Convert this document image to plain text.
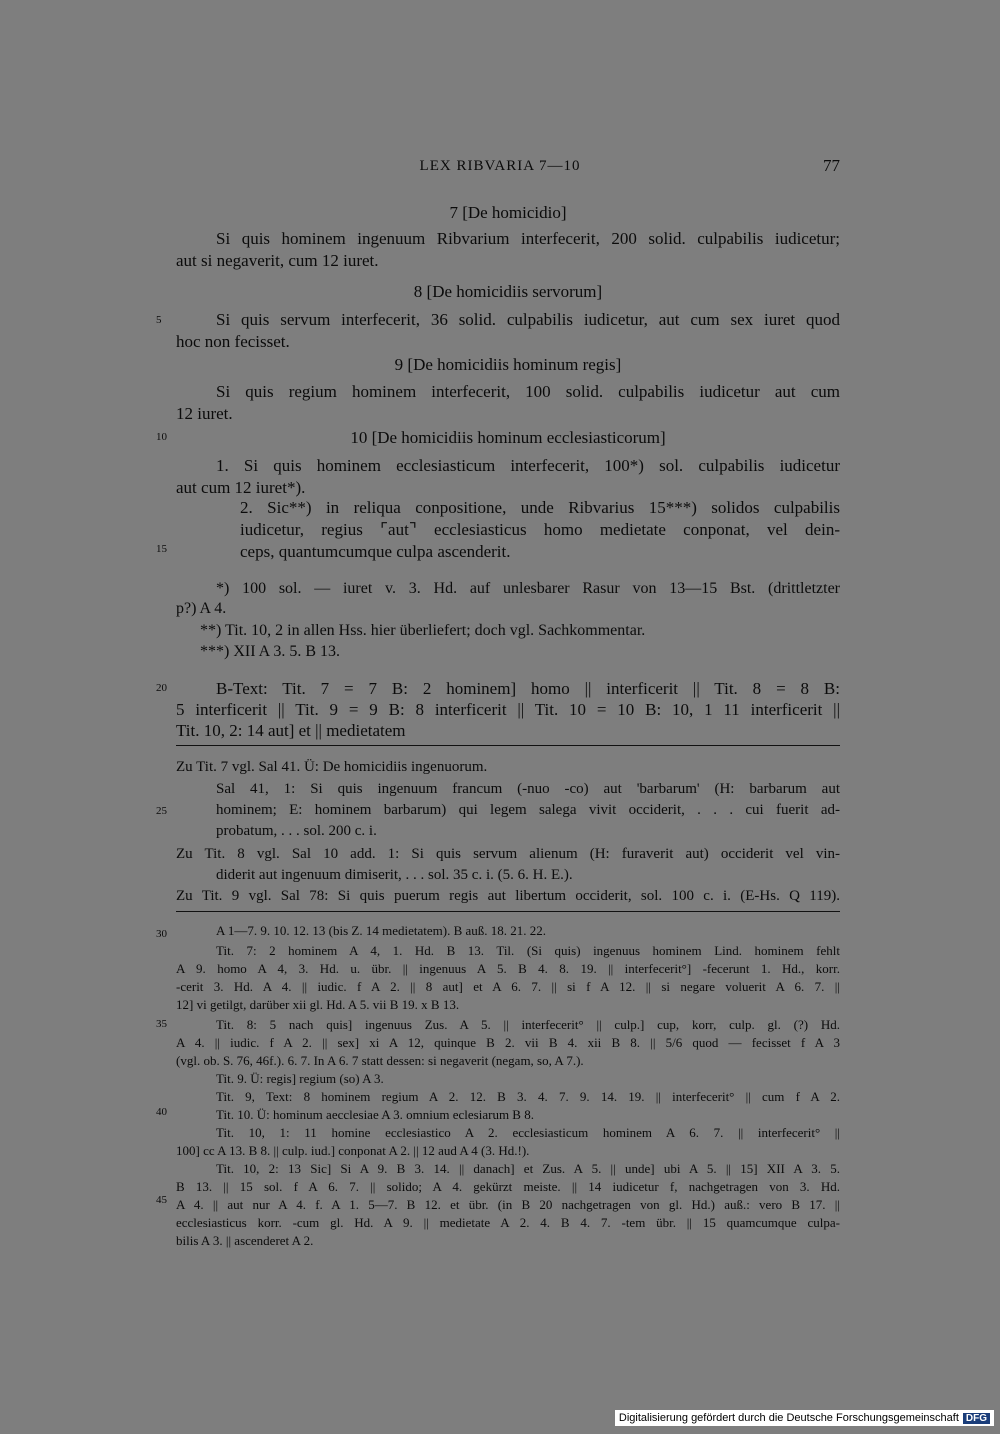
LEX RIBVARIA 7—10	77
5
10
15
20
25
30
35
40
45
7 [De homicidio]
Si quis hominem ingenuum Ribvarium interfecerit, 200 solid. culpabilis iudicetur;
aut si negaverit, cum 12 iuret.
8 [De homicidiis servorum]
Si quis servum interfecerit, 36 solid. culpabilis iudicetur, aut cum sex iuret quod
hoc non fecisset.
9 [De homicidiis hominum regis]
Si quis regium hominem interfecerit, 100 solid. culpabilis iudicetur aut cum
12 iuret.
10 [De homicidiis hominum ecclesiasticorum]
1. Si quis hominem ecclesiasticum interfecerit, 100*) sol. culpabilis iudicetur
aut cum 12 iuret*).
2. Sic**) in reliqua conpositione, unde Ribvarius 15***) solidos culpabilis
iudicetur, regius ⌜aut⌝ ecclesiasticus homo medietate conponat, vel dein-
ceps, quantumcumque culpa ascenderit.
*) 100 sol. — iuret v. 3. Hd. auf unlesbarer Rasur von 13—15 Bst. (drittletzter
p?) A 4.
**) Tit. 10, 2 in allen Hss. hier überliefert; doch vgl. Sachkommentar.
***) XII A 3. 5. B 13.
B-Text: Tit. 7 = 7 B: 2 hominem] homo || interficerit || Tit. 8 = 8 B:
5 interficerit || Tit. 9 = 9 B: 8 interficerit || Tit. 10 = 10 B: 10, 1 11 interficerit ||
Tit. 10, 2: 14 aut] et || medietatem
Zu Tit. 7 vgl. Sal 41. Ü: De homicidiis ingenuorum.
Sal 41, 1: Si quis ingenuum francum (-nuo -co) aut 'barbarum' (H: barbarum aut
hominem; E: hominem barbarum) qui legem salega vivit occiderit, . . . cui fuerit ad-
probatum, . . . sol. 200 c. i.
Zu Tit. 8 vgl. Sal 10 add. 1: Si quis servum alienum (H: furaverit aut) occiderit vel vin-
diderit aut ingenuum dimiserit, . . . sol. 35 c. i. (5. 6. H. E.).
Zu Tit. 9 vgl. Sal 78: Si quis puerum regis aut libertum occiderit, sol. 100 c. i. (E-Hs. Q 119).
A 1—7. 9. 10. 12. 13 (bis Z. 14 medietatem). B auß. 18. 21. 22.
Tit. 7: 2 hominem A 4, 1. Hd. B 13. Til. (Si quis) ingenuus hominem Lind. hominem fehlt
A 9. homo A 4, 3. Hd. u. übr. || ingenuus A 5. B 4. 8. 19. || interfecerit°] -fecerunt 1. Hd., korr.
-cerit 3. Hd. A 4. || iudic. f A 2. || 8 aut] et A 6. 7. || si f A 12. || si negare voluerit A 6. 7. ||
12] vi getilgt, darüber xii gl. Hd. A 5. vii B 19. x B 13.
Tit. 8: 5 nach quis] ingenuus Zus. A 5. || interfecerit° || culp.] cup, korr, culp. gl. (?) Hd.
A 4. || iudic. f A 2. || sex] xi A 12, quinque B 2. vii B 4. xii B 8. || 5/6 quod — fecisset f A 3
(vgl. ob. S. 76, 46f.). 6. 7. In A 6. 7 statt dessen: si negaverit (negam, so, A 7.).
Tit. 9. Ü: regis] regium (so) A 3.
Tit. 9, Text: 8 hominem regium A 2. 12. B 3. 4. 7. 9. 14. 19. || interfecerit° || cum f A 2.
Tit. 10. Ü: hominum aecclesiae A 3. omnium eclesiarum B 8.
Tit. 10, 1: 11 homine ecclesiastico A 2. ecclesiasticum hominem A 6. 7. || interfecerit° ||
100] cc A 13. B 8. || culp. iud.] conponat A 2. || 12 aud A 4 (3. Hd.!).
Tit. 10, 2: 13 Sic] Si A 9. B 3. 14. || danach] et Zus. A 5. || unde] ubi A 5. || 15] XII A 3. 5.
B 13. || 15 sol. f A 6. 7. || solido; A 4. gekürzt meiste. || 14 iudicetur f, nachgetragen von 3. Hd.
A 4. || aut nur A 4. f. A 1. 5—7. B 12. et übr. (in B 20 nachgetragen von gl. Hd.) auß.: vero B 17. ||
ecclesiasticus korr. -cum gl. Hd. A 9. || medietate A 2. 4. B 4. 7. -tem übr. || 15 quamcumque culpa-
bilis A 3. || ascenderet A 2.
Digitalisierung gefördert durch die Deutsche Forschungsgemeinschaft DFG
